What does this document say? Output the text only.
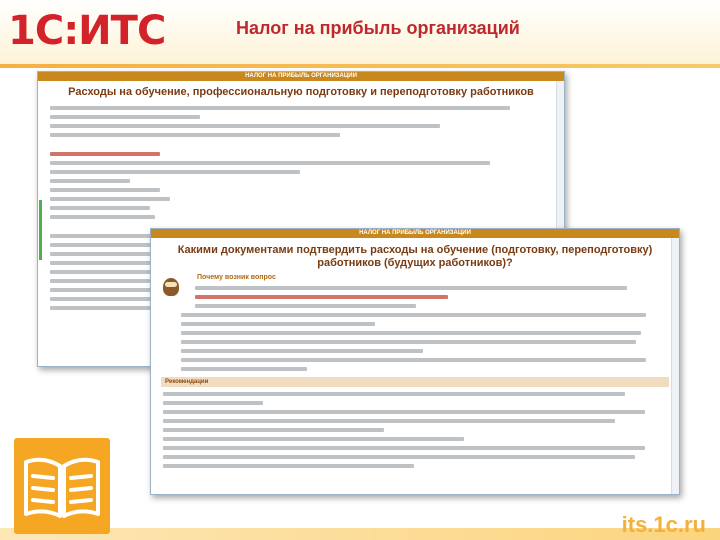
1С:ИТС	Налог на прибыль организаций
НАЛОГ НА ПРИБЫЛЬ ОРГАНИЗАЦИЙ
Расходы на обучение, профессиональную подготовку и переподготовку работников
НАЛОГ НА ПРИБЫЛЬ ОРГАНИЗАЦИЙ
Какими документами подтвердить расходы на обучение (подготовку, переподготовку) работников (будущих работников)?
Почему возник вопрос
Рекомендации
its.1c.ru
